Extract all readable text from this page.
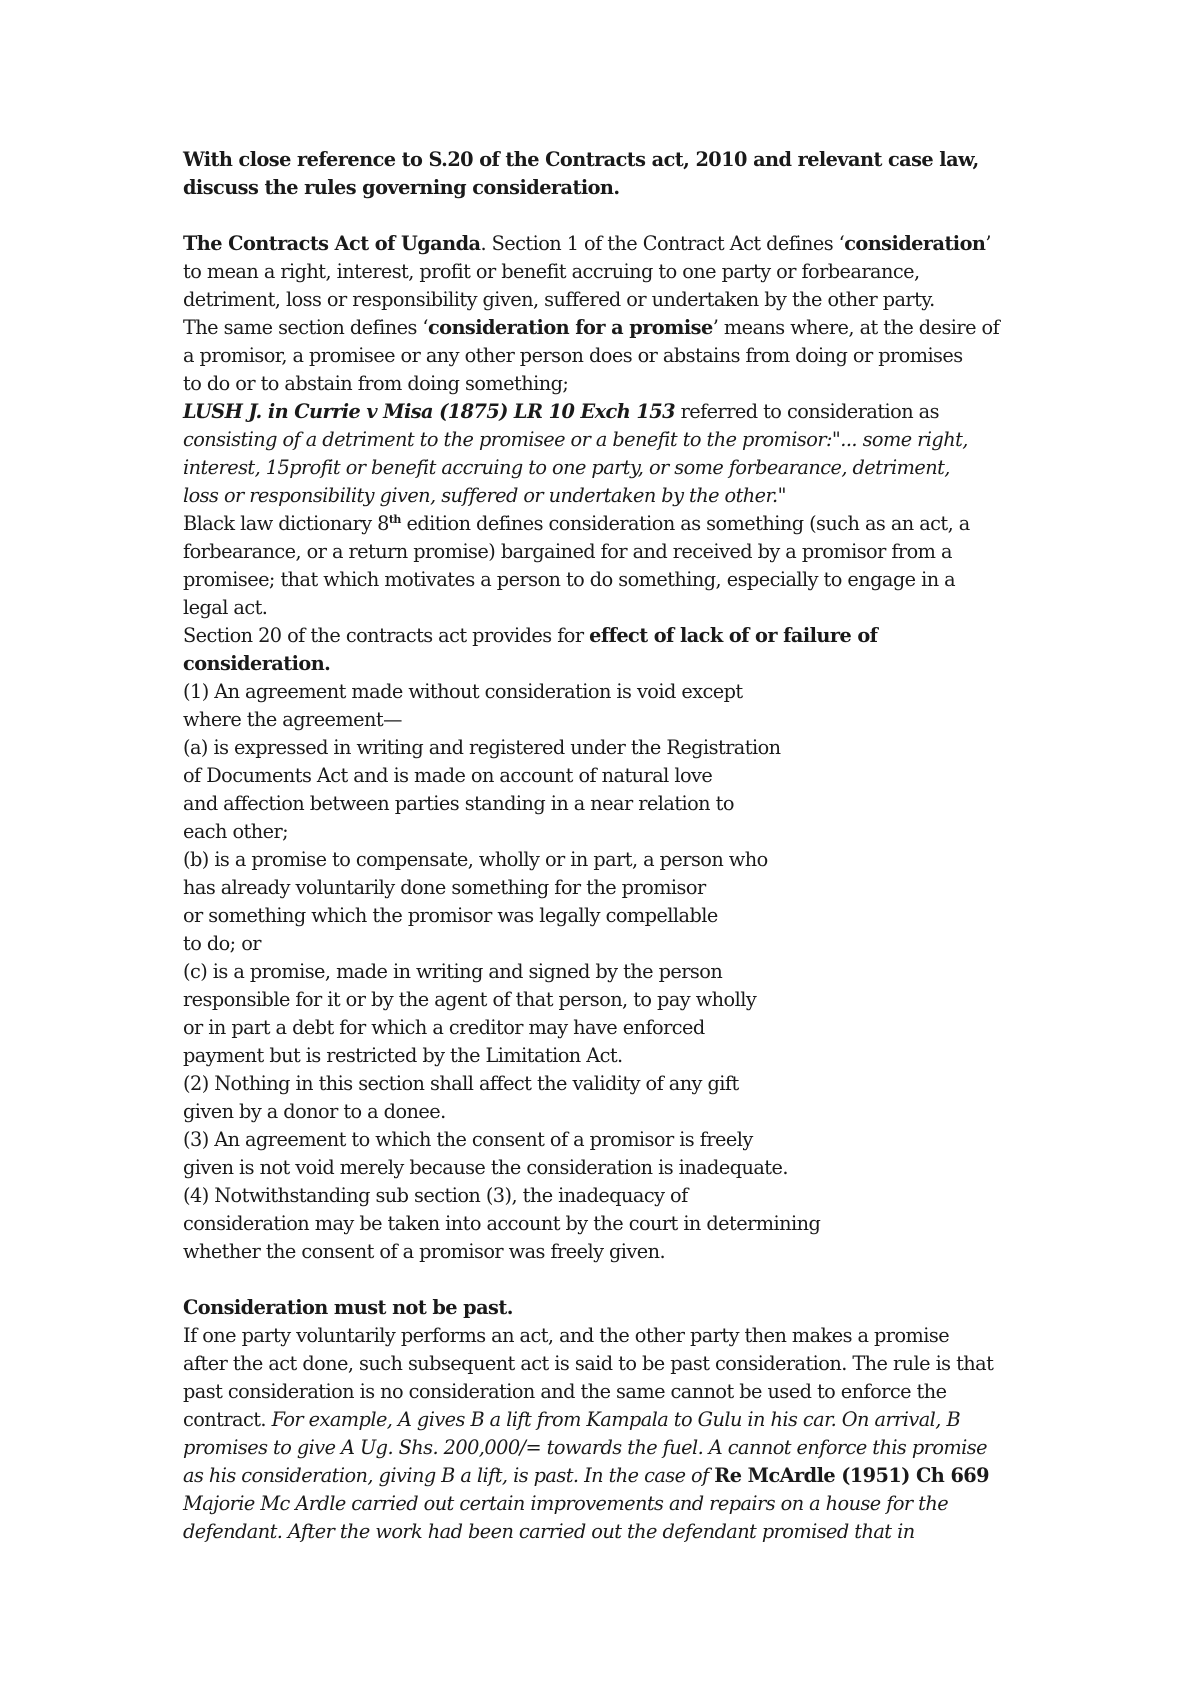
With close reference to S.20 of the Contracts act, 2010 and relevant case law,
discuss the rules governing consideration.
The Contracts Act of Uganda. Section 1 of the Contract Act defines ‘consideration’
to mean a right, interest, profit or benefit accruing to one party or forbearance,
detriment, loss or responsibility given, suffered or undertaken by the other party.
The same section defines ‘consideration for a promise’ means where, at the desire of
a promisor, a promisee or any other person does or abstains from doing or promises
to do or to abstain from doing something;
LUSH J. in Currie v Misa (1875) LR 10 Exch 153 referred to consideration as
consisting of a detriment to the promisee or a benefit to the promisor:"... some right,
interest, 15profit or benefit accruing to one party, or some forbearance, detriment,
loss or responsibility given, suffered or undertaken by the other."
Black law dictionary 8th edition defines consideration as something (such as an act, a
forbearance, or a return promise) bargained for and received by a promisor from a
promisee; that which motivates a person to do something, especially to engage in a
legal act.
Section 20 of the contracts act provides for effect of lack of or failure of
consideration.
(1) An agreement made without consideration is void except
where the agreement—
(a) is expressed in writing and registered under the Registration
of Documents Act and is made on account of natural love
and affection between parties standing in a near relation to
each other;
(b) is a promise to compensate, wholly or in part, a person who
has already voluntarily done something for the promisor
or something which the promisor was legally compellable
to do; or
(c) is a promise, made in writing and signed by the person
responsible for it or by the agent of that person, to pay wholly
or in part a debt for which a creditor may have enforced
payment but is restricted by the Limitation Act.
(2) Nothing in this section shall affect the validity of any gift
given by a donor to a donee.
(3) An agreement to which the consent of a promisor is freely
given is not void merely because the consideration is inadequate.
(4) Notwithstanding sub section (3), the inadequacy of
consideration may be taken into account by the court in determining
whether the consent of a promisor was freely given.
Consideration must not be past.
If one party voluntarily performs an act, and the other party then makes a promise
after the act done, such subsequent act is said to be past consideration. The rule is that
past consideration is no consideration and the same cannot be used to enforce the
contract. For example, A gives B a lift from Kampala to Gulu in his car. On arrival, B
promises to give A Ug. Shs. 200,000/= towards the fuel. A cannot enforce this promise
as his consideration, giving B a lift, is past. In the case of Re McArdle (1951) Ch 669
Majorie Mc Ardle carried out certain improvements and repairs on a house for the
defendant. After the work had been carried out the defendant promised that in
